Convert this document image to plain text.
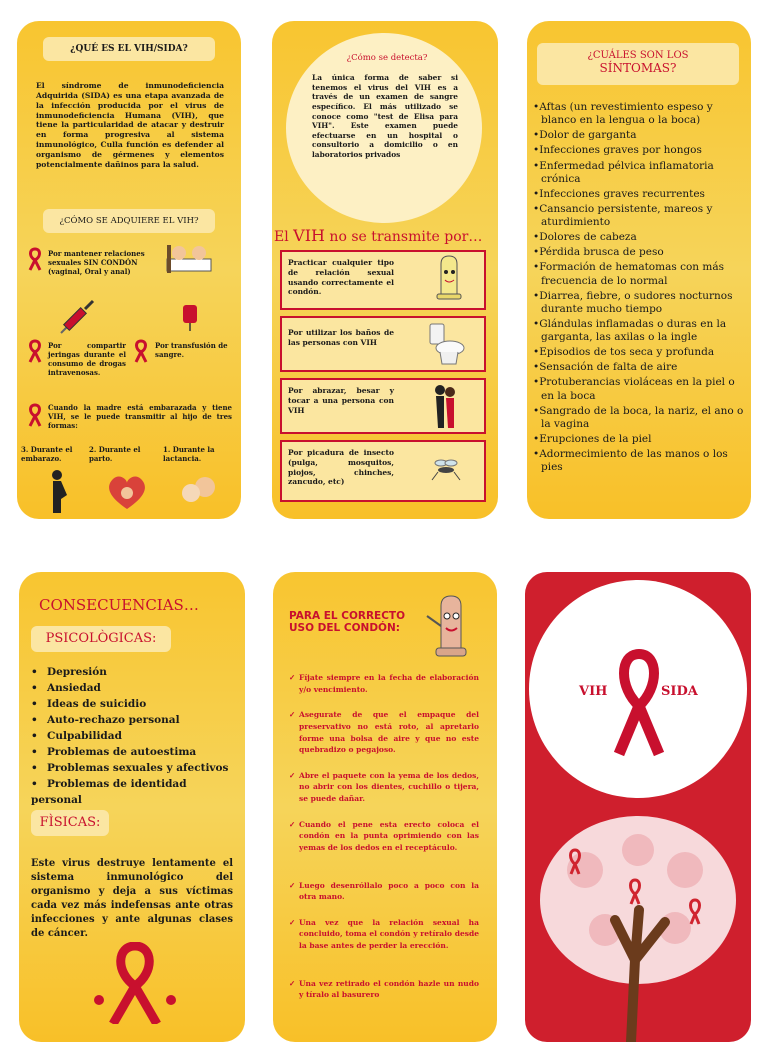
¿QUÉ ES EL VIH/SIDA?
El síndrome de inmunodeficiencia Adquirida (SIDA) es una etapa avanzada de la infección producida por el virus de inmunodeficiencia Humana (VIH), que tiene la particularidad de atacar y destruir en forma progresiva al sistema inmunológico, Culla función es defender al organismo de gérmenes y elementos potencialmente dañinos para la salud.
¿CÓMO SE ADQUIERE EL VIH?
Por mantener relaciones sexuales SIN CONDÓN (vaginal, Oral y anal)
Por compartir jeringas durante el consumo de drogas intravenosas.
Por transfusión de sangre.
Cuando la madre está embarazada y tiene VIH, se le puede transmitir al hijo de tres formas:
3. Durante el embarazo.
2. Durante el parto.
1. Durante la lactancia.
¿Cómo se detecta?
La única forma de saber si tenemos el virus del VIH es a través de un examen de sangre específico. El más utilizado se conoce como "test de Elisa para VIH". Este examen puede efectuarse en un hospital o consultorio a domicilio o en laboratorios privados
El VIH no se transmite por…
Practicar cualquier tipo de relación sexual usando correctamente el condón.
Por utilizar los baños de las personas con VIH
Por abrazar, besar y tocar a una persona con VIH
Por picadura de insecto (pulga, mosquitos, piojos, chinches, zancudo, etc)
¿CUÁLES SON LOS
SÍNTOMAS?
•Aftas (un revestimiento espeso y blanco en la lengua o la boca)
•Dolor de garganta
•Infecciones graves por hongos
•Enfermedad pélvica inflamatoria crónica
•Infecciones graves recurrentes
•Cansancio persistente, mareos y aturdimiento
•Dolores de cabeza
•Pérdida brusca de peso
•Formación de hematomas con más frecuencia de lo normal
•Diarrea, fiebre, o sudores nocturnos durante mucho tiempo
•Glándulas inflamadas o duras en la garganta, las axilas o la ingle
•Episodios de tos seca y profunda
•Sensación de falta de aire
•Protuberancias violáceas en la piel o en la boca
•Sangrado de la boca, la nariz, el ano o la vagina
•Erupciones de la piel
•Adormecimiento de las manos o los pies
CONSECUENCIAS…
PSICOLÒGICAS:
• Depresión
• Ansiedad
• Ideas de suicidio
• Auto-rechazo personal
• Culpabilidad
• Problemas de autoestima
• Problemas sexuales y afectivos
• Problemas de identidad personal
FÌSICAS:
Este virus destruye lentamente el sistema inmunológico del organismo y deja a sus víctimas cada vez más indefensas ante otras infecciones y ante algunas clases de cáncer.
PARA EL CORRECTO
USO DEL CONDÓN:
✓ Fíjate siempre en la fecha de elaboración y/o vencimiento.
✓ Asegurate de que el empaque del preservativo no está roto, al apretarlo forme una bolsa de aire y que no este quebradizo o pegajoso.
✓ Abre el paquete con la yema de los dedos, no abrir con los dientes, cuchillo o tijera, se puede dañar.
✓ Cuando el pene esta erecto coloca el condón en la punta oprimiendo con las yemas de los dedos en el receptáculo.
✓ Luego desenróllalo poco a poco con la otra mano.
✓ Una vez que la relación sexual ha concluido, toma el condón y retíralo desde la base antes de perder la erección.
✓ Una vez retirado el condón hazle un nudo y tíralo al basurero
VIH	SIDA
